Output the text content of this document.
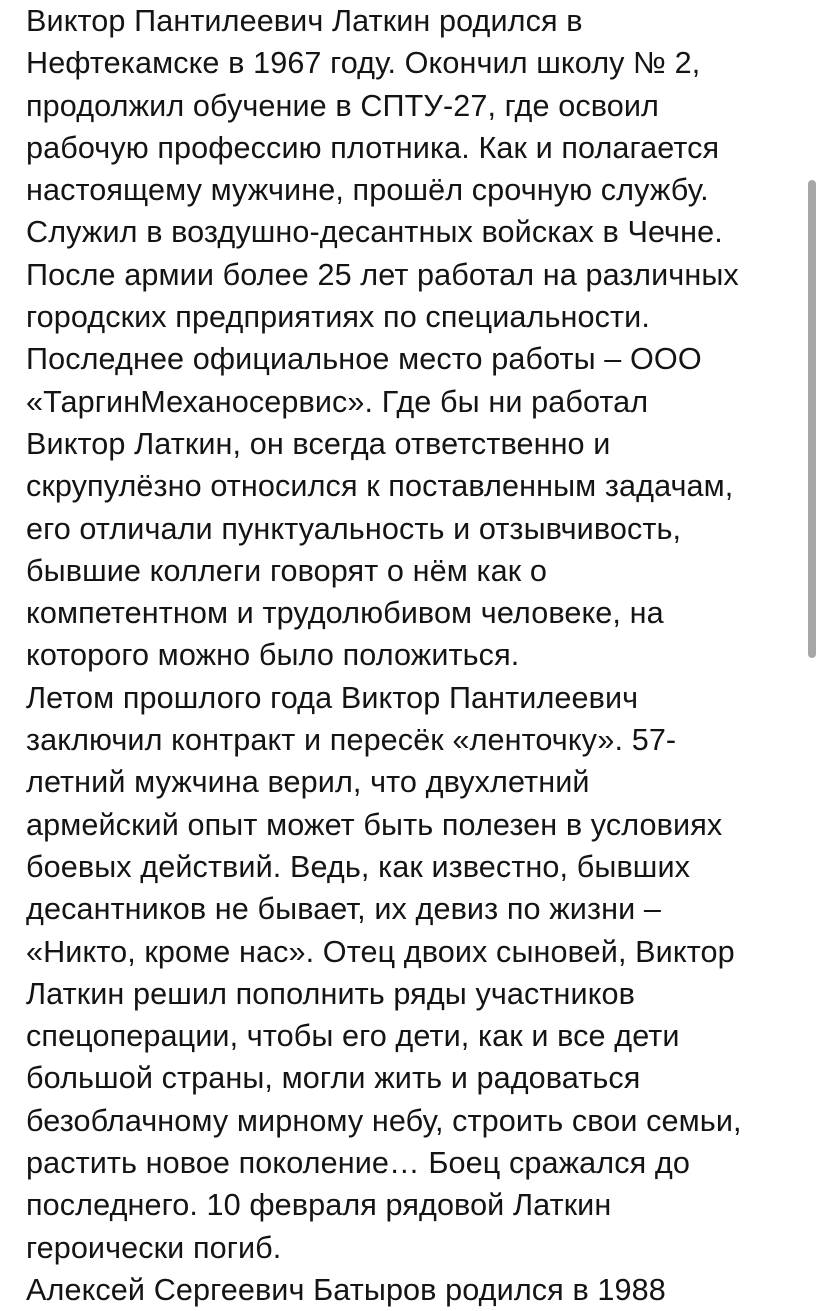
Виктор Пантилеевич Латкин родился в
Нефтекамске в 1967 году. Окончил школу № 2,
продолжил обучение в СПТУ-27, где освоил
рабочую профессию плотника. Как и полагается
настоящему мужчине, прошёл срочную службу.
Служил в воздушно-десантных войсках в Чечне.
После армии более 25 лет работал на различных
городских предприятиях по специальности.
Последнее официальное место работы – ООО
«ТаргинМеханосервис». Где бы ни работал
Виктор Латкин, он всегда ответственно и
скрупулёзно относился к поставленным задачам,
его отличали пунктуальность и отзывчивость,
бывшие коллеги говорят о нём как о
компетентном и трудолюбивом человеке, на
которого можно было положиться.
Летом прошлого года Виктор Пантилеевич
заключил контракт и пересёк «ленточку». 57-
летний мужчина верил, что двухлетний
армейский опыт может быть полезен в условиях
боевых действий. Ведь, как известно, бывших
десантников не бывает, их девиз по жизни –
«Никто, кроме нас». Отец двоих сыновей, Виктор
Латкин решил пополнить ряды участников
спецоперации, чтобы его дети, как и все дети
большой страны, могли жить и радоваться
безоблачному мирному небу, строить свои семьи,
растить новое поколение… Боец сражался до
последнего. 10 февраля рядовой Латкин
героически погиб.
Алексей Сергеевич Батыров родился в 1988
